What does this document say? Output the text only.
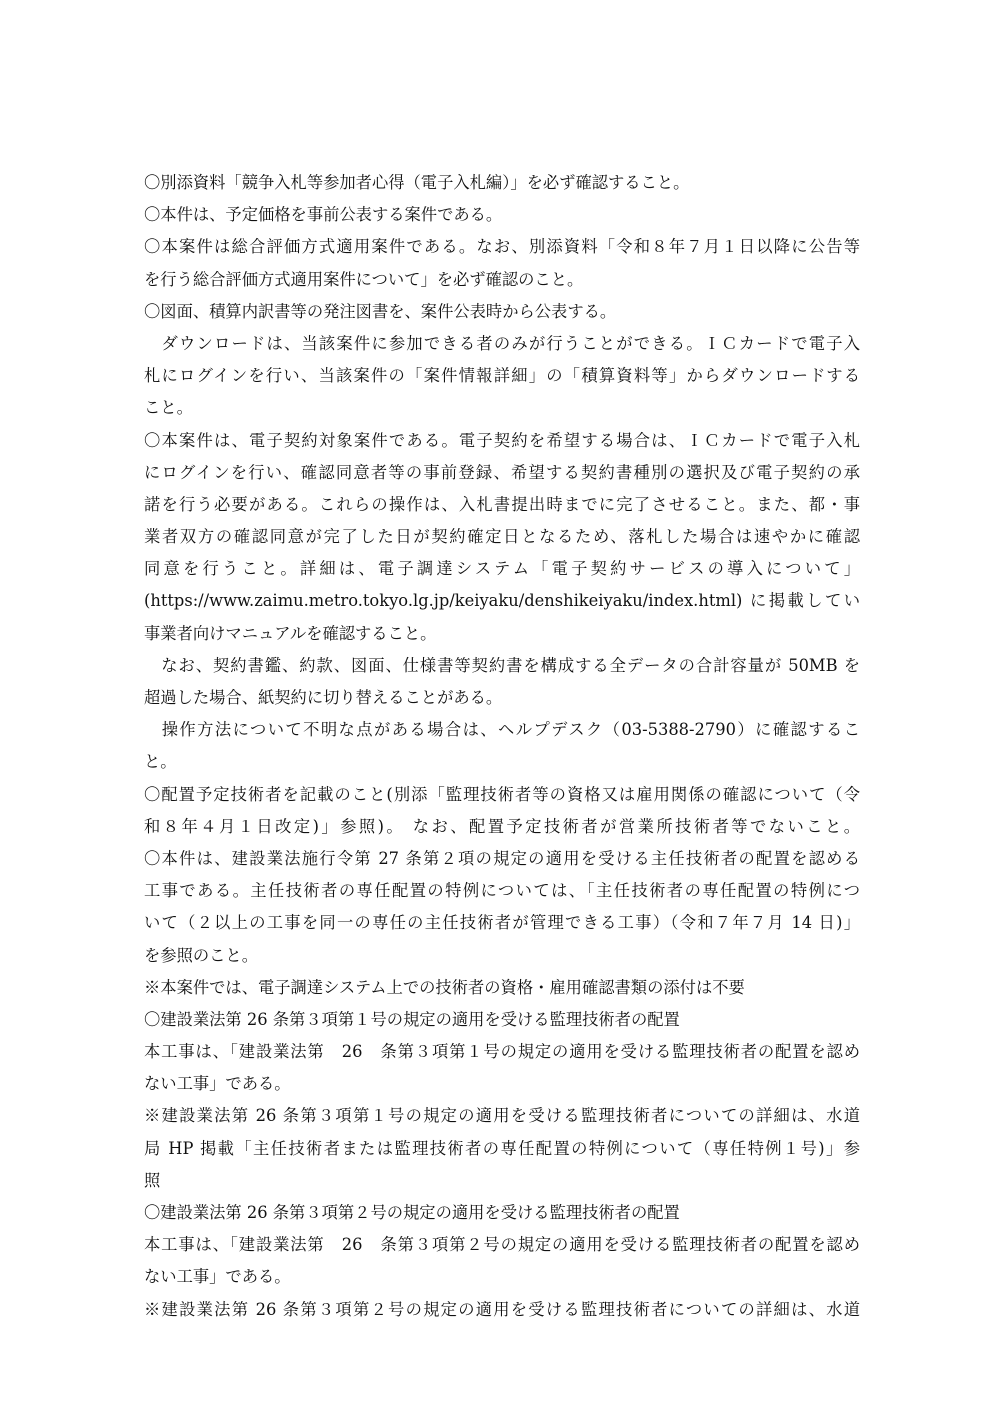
〇別添資料「競争入札等参加者心得（電子入札編）」を必ず確認すること。
〇本件は、予定価格を事前公表する案件である。
〇本案件は総合評価方式適用案件である。なお、別添資料「令和８年７月１日以降に公告等
を行う総合評価方式適用案件について」を必ず確認のこと。
〇図面、積算内訳書等の発注図書を、案件公表時から公表する。
　ダウンロードは、当該案件に参加できる者のみが行うことができる。ＩＣカードで電子入
札にログインを行い、当該案件の「案件情報詳細」の「積算資料等」からダウンロードする
こと。
〇本案件は、電子契約対象案件である。電子契約を希望する場合は、ＩＣカードで電子入札
にログインを行い、確認同意者等の事前登録、希望する契約書種別の選択及び電子契約の承
諾を行う必要がある。これらの操作は、入札書提出時までに完了させること。また、都・事
業者双方の確認同意が完了した日が契約確定日となるため、落札した場合は速やかに確認
同意を行うこと。詳細は、電子調達システム「電子契約サービスの導入について」
(https://www.zaimu.metro.tokyo.lg.jp/keiyaku/denshikeiyaku/index.html) に掲載してい
事業者向けマニュアルを確認すること。
　なお、契約書鑑、約款、図面、仕様書等契約書を構成する全データの合計容量が 50MB を
超過した場合、紙契約に切り替えることがある。
　操作方法について不明な点がある場合は、ヘルプデスク（03-5388-2790）に確認するこ
と。
〇配置予定技術者を記載のこと(別添「監理技術者等の資格又は雇用関係の確認について（令
和８年４月１日改定)」参照)。 なお、配置予定技術者が営業所技術者等でないこと。
〇本件は、建設業法施行令第 27 条第２項の規定の適用を受ける主任技術者の配置を認める
工事である。主任技術者の専任配置の特例については、「主任技術者の専任配置の特例につ
いて（２以上の工事を同一の専任の主任技術者が管理できる工事）（令和７年７月 14 日)」
を参照のこと。
※本案件では、電子調達システム上での技術者の資格・雇用確認書類の添付は不要
〇建設業法第 26 条第３項第１号の規定の適用を受ける監理技術者の配置
本工事は、「建設業法第　26　条第３項第１号の規定の適用を受ける監理技術者の配置を認め
ない工事」である。
※建設業法第 26 条第３項第１号の規定の適用を受ける監理技術者についての詳細は、水道
局 HP 掲載「主任技術者または監理技術者の専任配置の特例について（専任特例１号)」参
照
〇建設業法第 26 条第３項第２号の規定の適用を受ける監理技術者の配置
本工事は、「建設業法第　26　条第３項第２号の規定の適用を受ける監理技術者の配置を認め
ない工事」である。
※建設業法第 26 条第３項第２号の規定の適用を受ける監理技術者についての詳細は、水道
